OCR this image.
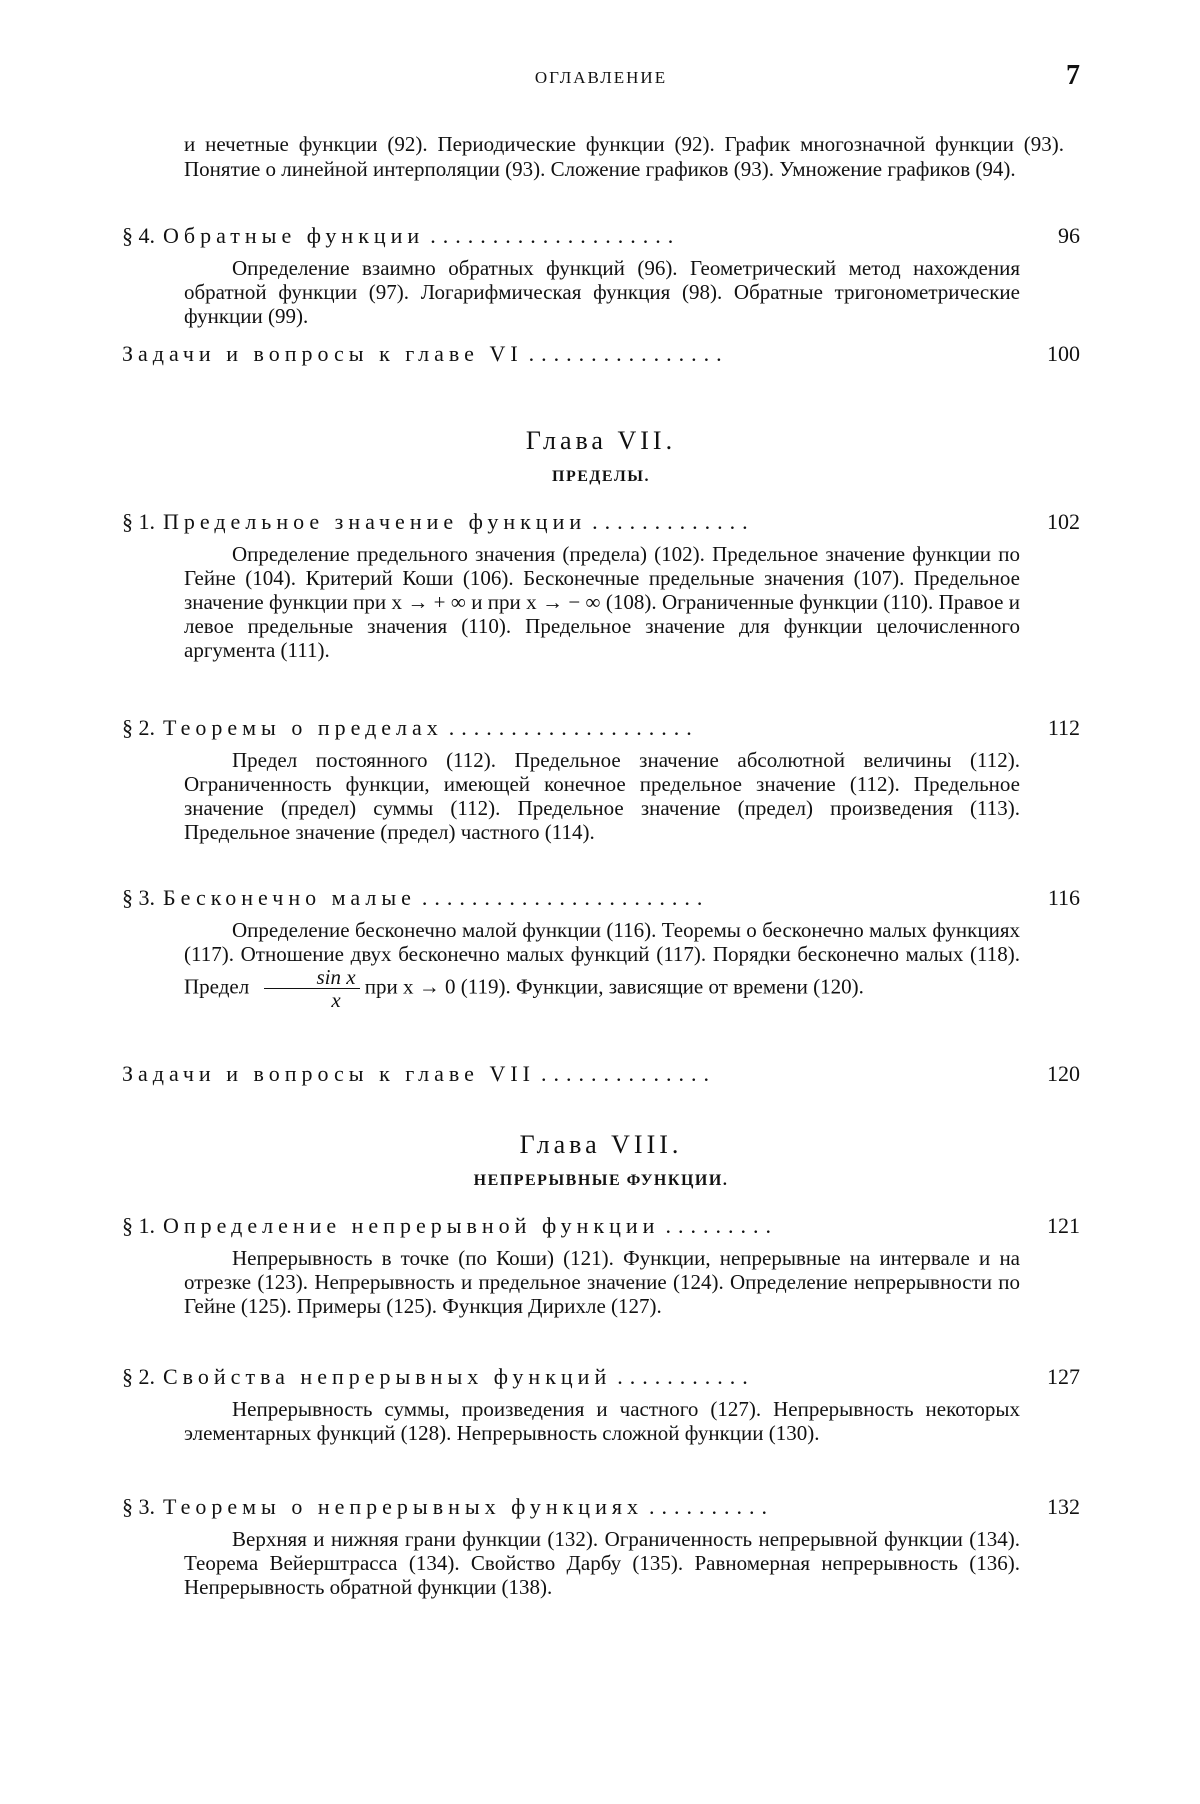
ОГЛАВЛЕНИЕ	7
и нечетные функции (92). Периодические функции (92). График многозначной функции (93). Понятие о линейной интерполяции (93). Сложение графиков (93). Умножение графиков (94).
§ 4. Обратные функции ....................	96
Определение взаимно обратных функций (96). Геометрический метод нахождения обратной функции (97). Логарифмическая функция (98). Обратные тригонометрические функции (99).
Задачи и вопросы к главе VI ................	100
Глава VII.
ПРЕДЕЛЫ.
§ 1. Предельное значение функции .............	102
Определение предельного значения (предела) (102). Предельное значение функции по Гейне (104). Критерий Коши (106). Бесконечные предельные значения (107). Предельное значение функции при x → + ∞ и при x → − ∞ (108). Ограниченные функции (110). Правое и левое предельные значения (110). Предельное значение для функции целочисленного аргумента (111).
§ 2. Теоремы о пределах ....................	112
Предел постоянного (112). Предельное значение абсолютной величины (112). Ограниченность функции, имеющей конечное предельное значение (112). Предельное значение (предел) суммы (112). Предельное значение (предел) произведения (113). Предельное значение (предел) частного (114).
§ 3. Бесконечно малые .......................	116
Определение бесконечно малой функции (116). Теоремы о бесконечно малых функциях (117). Отношение двух бесконечно малых функций (117). Порядки бесконечно малых (118). Предел $\frac{\text{sin x}}{x}$ при x → 0 (119). Функции, зависящие от времени (120).
Задачи и вопросы к главе VII ..............	120
Глава VIII.
НЕПРЕРЫВНЫЕ ФУНКЦИИ.
§ 1. Определение непрерывной функции .........	121
Непрерывность в точке (по Коши) (121). Функции, непрерывные на интервале и на отрезке (123). Непрерывность и предельное значение (124). Определение непрерывности по Гейне (125). Примеры (125). Функция Дирихле (127).
§ 2. Свойства непрерывных функций ...........	127
Непрерывность суммы, произведения и частного (127). Непрерывность некоторых элементарных функций (128). Непрерывность сложной функции (130).
§ 3. Теоремы о непрерывных функциях ..........	132
Верхняя и нижняя грани функции (132). Ограниченность непрерывной функции (134). Теорема Вейерштрасса (134). Свойство Дарбу (135). Равномерная непрерывность (136). Непрерывность обратной функции (138).
